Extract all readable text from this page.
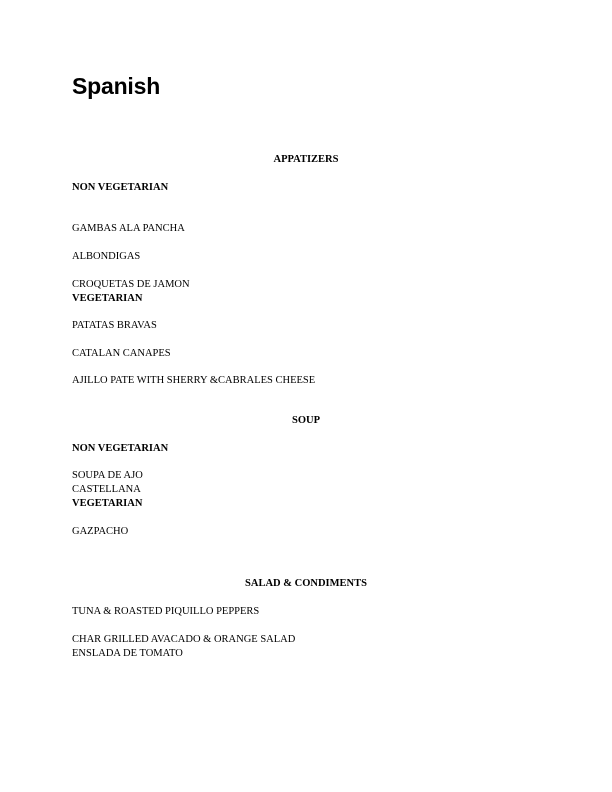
Spanish
APPATIZERS
NON VEGETARIAN
GAMBAS ALA PANCHA
ALBONDIGAS
CROQUETAS DE JAMON
VEGETARIAN
PATATAS BRAVAS
CATALAN CANAPES
AJILLO PATE WITH SHERRY &CABRALES CHEESE
SOUP
NON VEGETARIAN
SOUPA DE AJO
CASTELLANA
VEGETARIAN
GAZPACHO
SALAD & CONDIMENTS
TUNA & ROASTED PIQUILLO PEPPERS
CHAR GRILLED AVACADO & ORANGE SALAD
ENSLADA DE TOMATO
